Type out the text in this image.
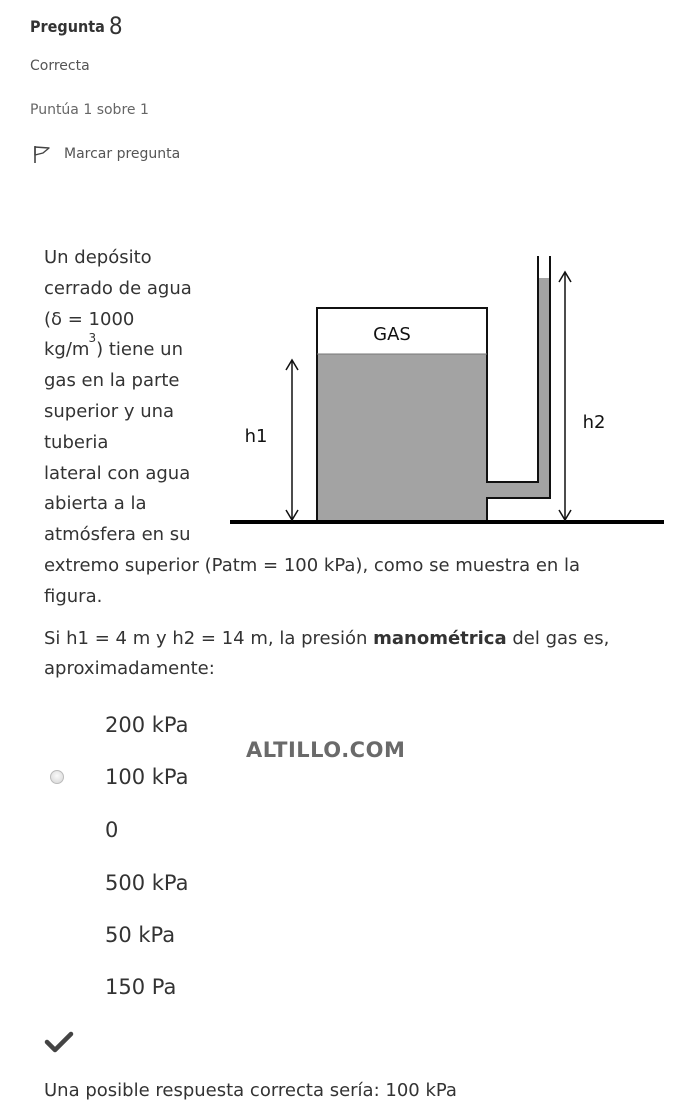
Pregunta 8
Correcta
Puntúa 1 sobre 1
Marcar pregunta
Un depósito
cerrado de agua
(δ = 1000
$kg/m^3$) tiene un
gas en la parte
superior y una
tuberia
lateral con agua
abierta a la
atmósfera en su
extremo superior (Patm = 100 kPa), como se muestra en la
figura.
GAS
h1
h2
Si h1 = 4 m y h2 = 14 m, la presión manométrica del gas es,
aproximadamente:
200 kPa
100 kPa
0
500 kPa
50 kPa
150 Pa
ALTILLO.COM
Una posible respuesta correcta sería: 100 kPa
